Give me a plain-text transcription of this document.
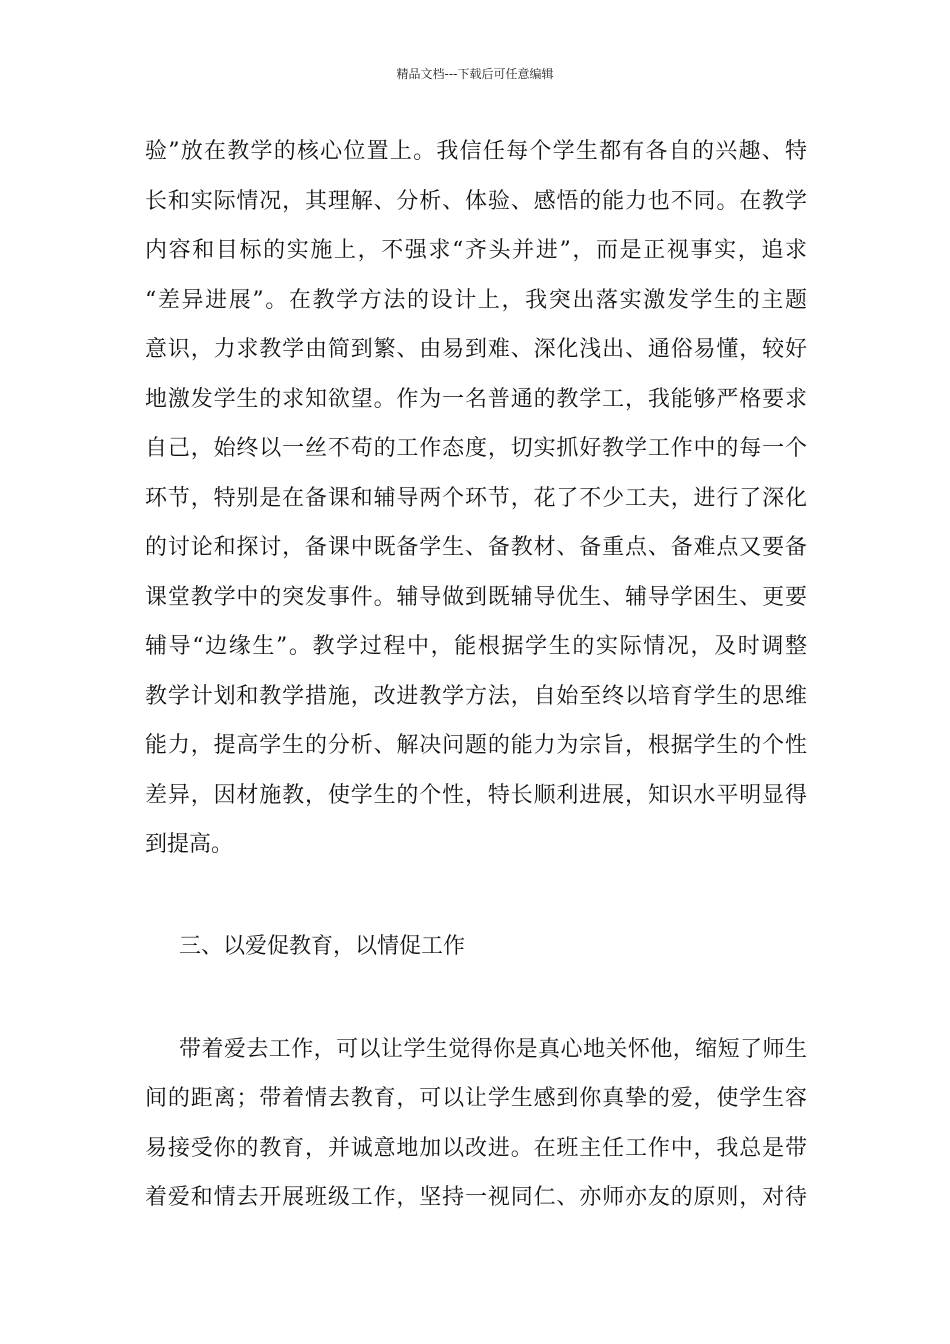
精品文档---下载后可任意编辑
验”放在教学的核心位置上。我信任每个学生都有各自的兴趣、特
长和实际情况，其理解、分析、体验、感悟的能力也不同。在教学
内容和目标的实施上，不强求“齐头并进”，而是正视事实，追求
“差异进展”。在教学方法的设计上，我突出落实激发学生的主题
意识，力求教学由简到繁、由易到难、深化浅出、通俗易懂，较好
地激发学生的求知欲望。作为一名普通的教学工，我能够严格要求
自己，始终以一丝不苟的工作态度，切实抓好教学工作中的每一个
环节，特别是在备课和辅导两个环节，花了不少工夫，进行了深化
的讨论和探讨，备课中既备学生、备教材、备重点、备难点又要备
课堂教学中的突发事件。辅导做到既辅导优生、辅导学困生、更要
辅导“边缘生”。教学过程中，能根据学生的实际情况，及时调整
教学计划和教学措施，改进教学方法，自始至终以培育学生的思维
能力，提高学生的分析、解决问题的能力为宗旨，根据学生的个性
差异，因材施教，使学生的个性，特长顺利进展，知识水平明显得
到提高。
三、以爱促教育，以情促工作
带着爱去工作，可以让学生觉得你是真心地关怀他，缩短了师生
间的距离；带着情去教育，可以让学生感到你真挚的爱，使学生容
易接受你的教育，并诚意地加以改进。在班主任工作中，我总是带
着爱和情去开展班级工作，坚持一视同仁、亦师亦友的原则，对待
